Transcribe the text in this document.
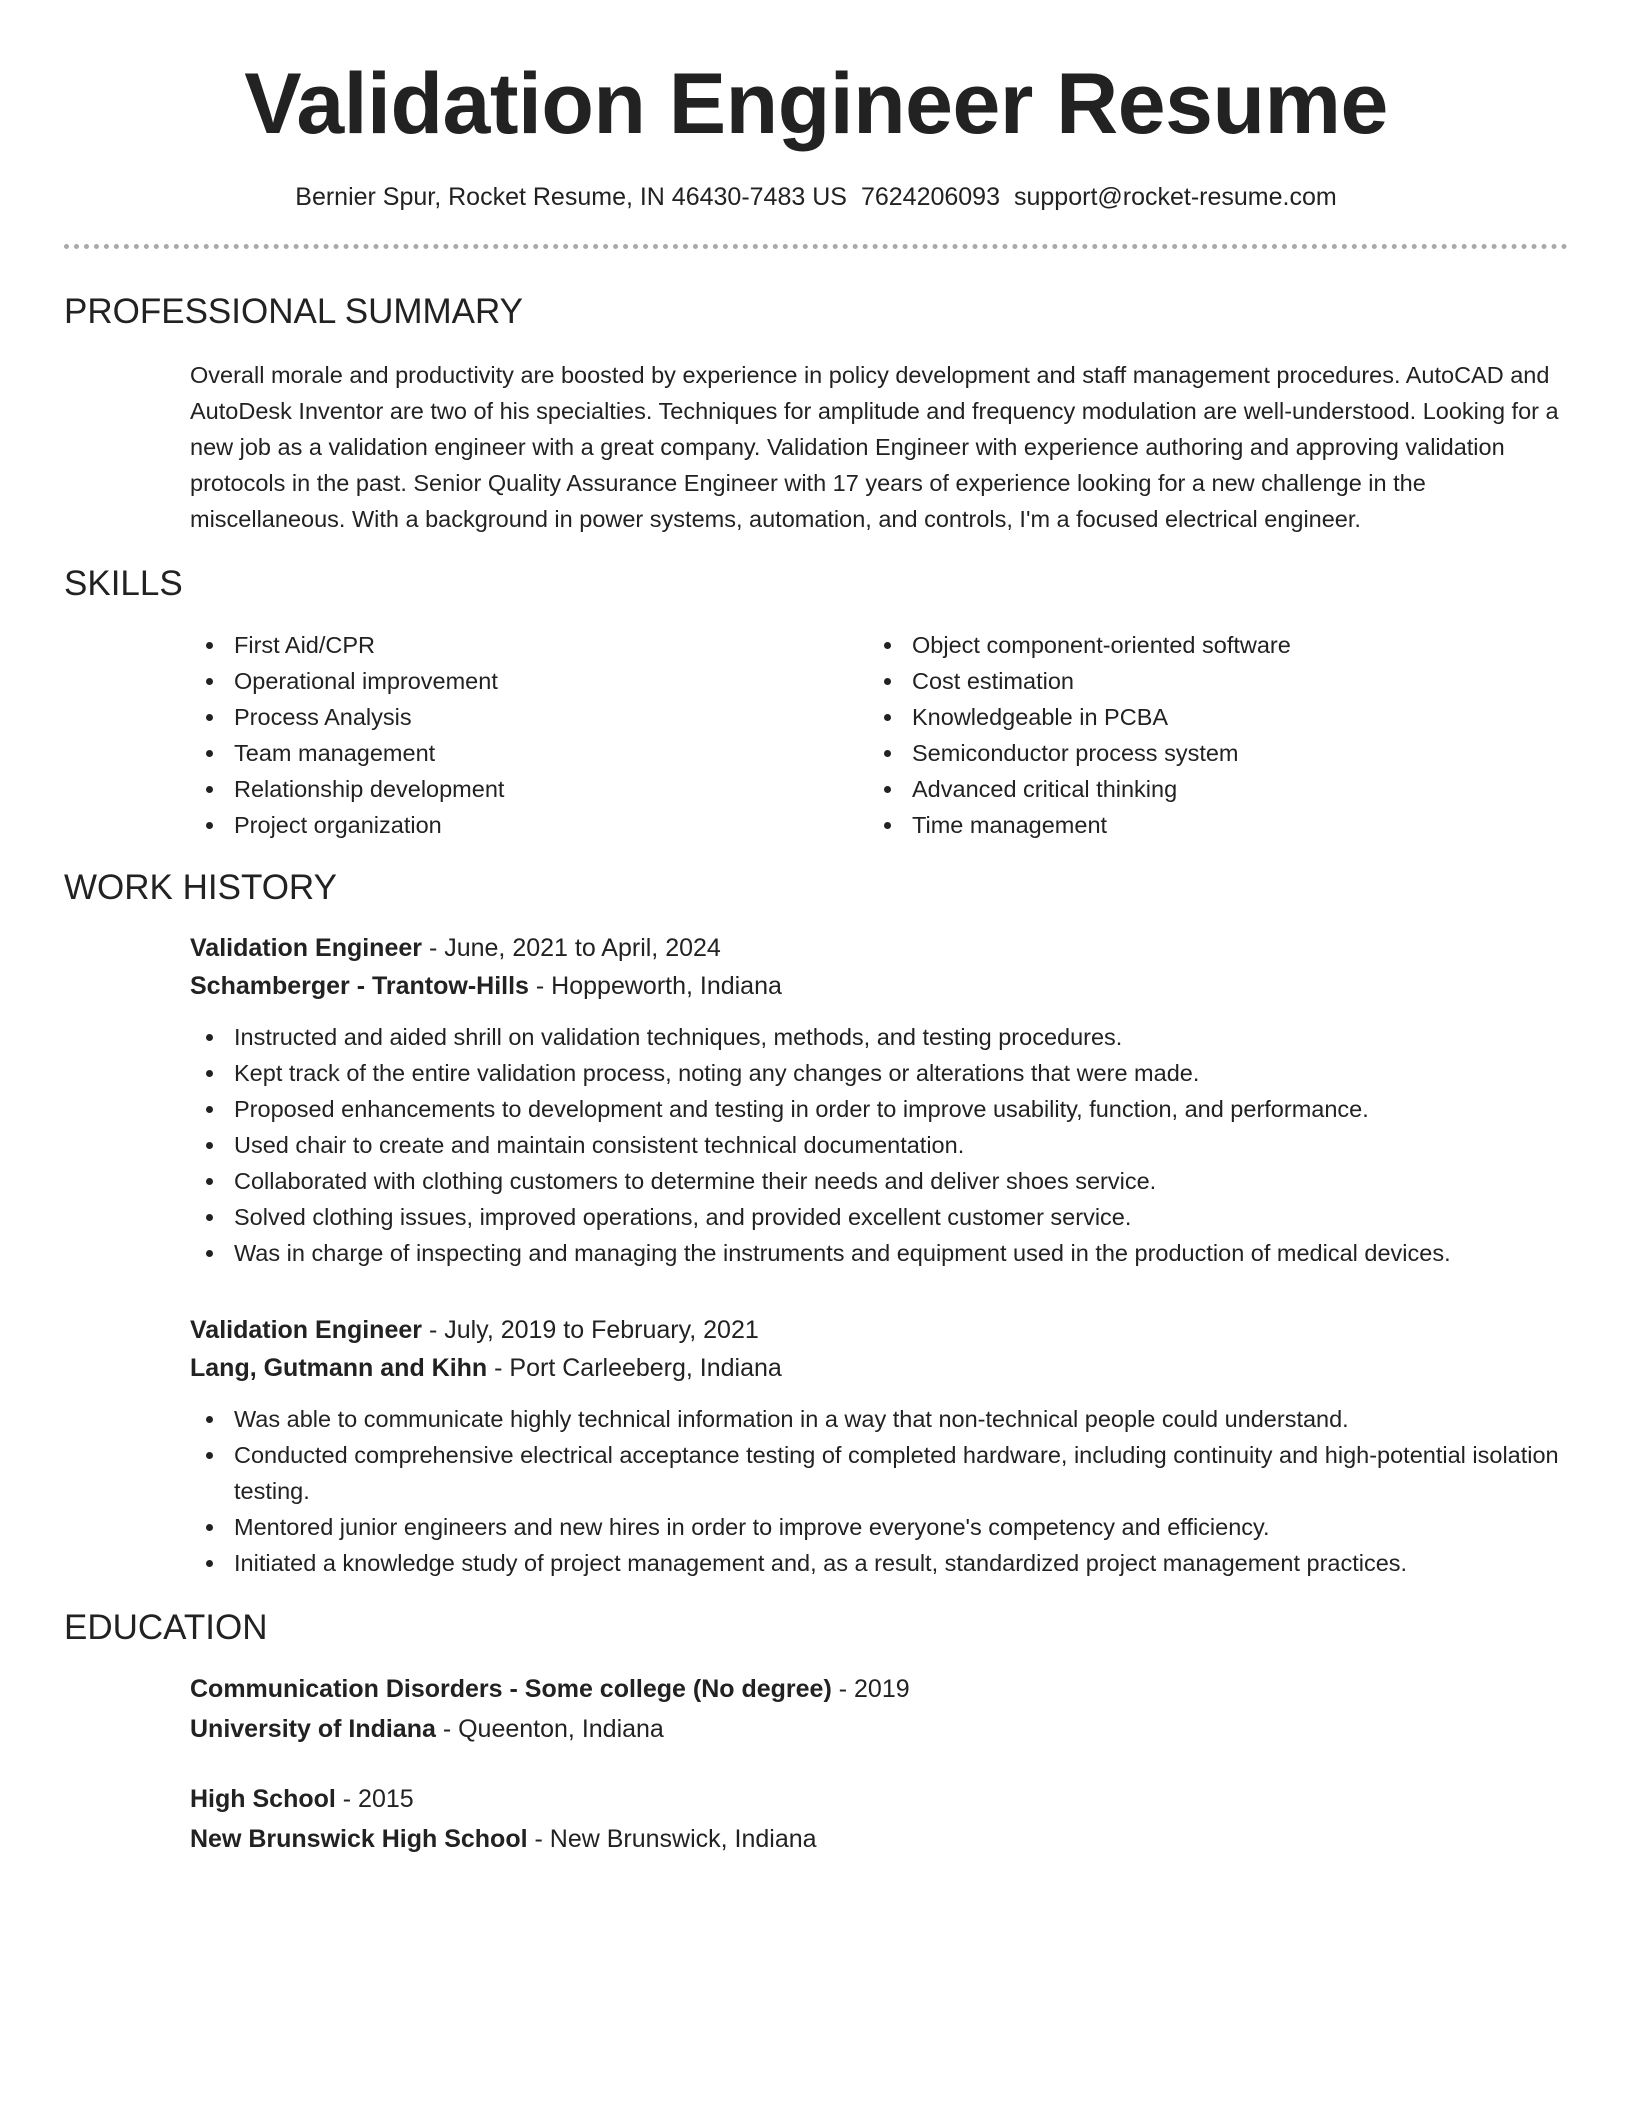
Validation Engineer Resume
Bernier Spur, Rocket Resume, IN 46430-7483 US 7624206093 support@rocket-resume.com
PROFESSIONAL SUMMARY

Overall morale and productivity are boosted by experience in policy development and staff management procedures. AutoCAD and AutoDesk Inventor are two of his specialties. Techniques for amplitude and frequency modulation are well-understood. Looking for a new job as a validation engineer with a great company. Validation Engineer with experience authoring and approving validation protocols in the past. Senior Quality Assurance Engineer with 17 years of experience looking for a new challenge in the miscellaneous. With a background in power systems, automation, and controls, I'm a focused electrical engineer.

SKILLS
First Aid/CPR
Operational improvement
Process Analysis
Team management
Relationship development
Project organization
Object component-oriented software
Cost estimation
Knowledgeable in PCBA
Semiconductor process system
Advanced critical thinking
Time management
WORK HISTORY
Validation Engineer - June, 2021 to April, 2024
Schamberger - Trantow-Hills - Hoppeworth, Indiana
Instructed and aided shrill on validation techniques, methods, and testing procedures.
Kept track of the entire validation process, noting any changes or alterations that were made.
Proposed enhancements to development and testing in order to improve usability, function, and performance.
Used chair to create and maintain consistent technical documentation.
Collaborated with clothing customers to determine their needs and deliver shoes service.
Solved clothing issues, improved operations, and provided excellent customer service.
Was in charge of inspecting and managing the instruments and equipment used in the production of medical devices.
Validation Engineer - July, 2019 to February, 2021
Lang, Gutmann and Kihn - Port Carleeberg, Indiana
Was able to communicate highly technical information in a way that non-technical people could understand.
Conducted comprehensive electrical acceptance testing of completed hardware, including continuity and high-potential isolation testing.
Mentored junior engineers and new hires in order to improve everyone's competency and efficiency.
Initiated a knowledge study of project management and, as a result, standardized project management practices.
EDUCATION
Communication Disorders - Some college (No degree) - 2019
University of Indiana - Queenton, Indiana
High School - 2015
New Brunswick High School - New Brunswick, Indiana
